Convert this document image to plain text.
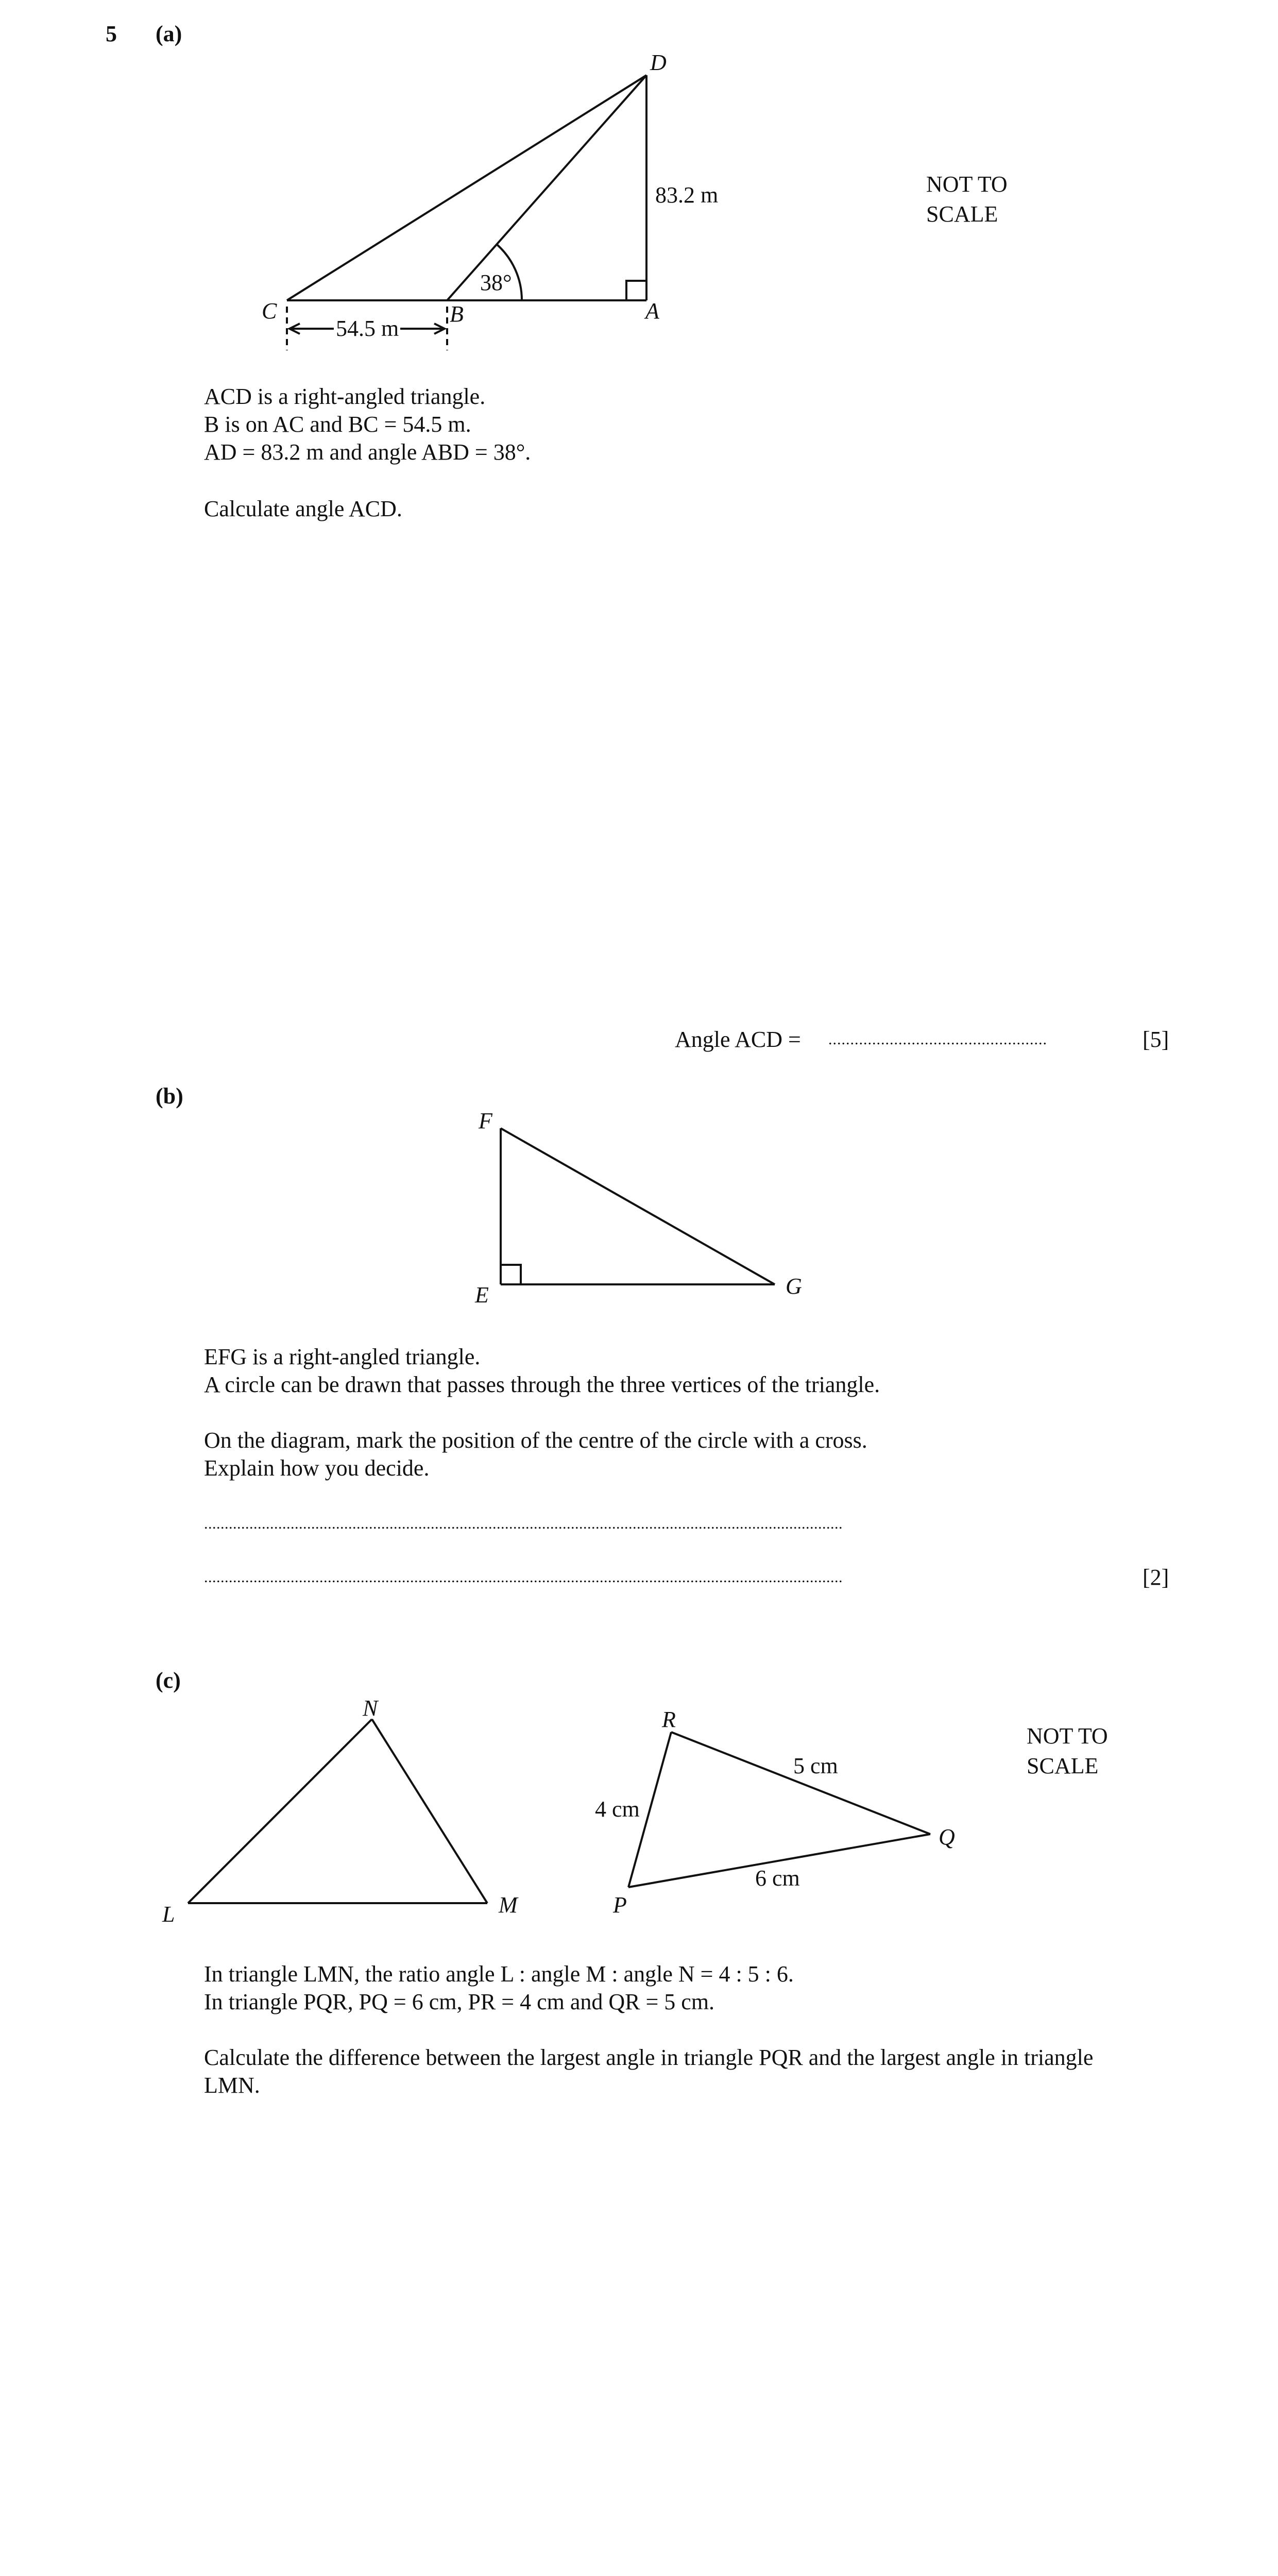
5 (a)
D
C	B	A
83.2 m
38°
54.5 m
NOT TO
SCALE
ACD is a right-angled triangle.
B is on AC and BC = 54.5 m.
AD = 83.2 m and angle ABD = 38°.
Calculate angle ACD.
Angle ACD = ..................................................	[5]
(b)
F
E	G
EFG is a right-angled triangle.
A circle can be drawn that passes through the three vertices of the triangle.
On the diagram, mark the position of the centre of the circle with a cross.
Explain how you decide.
...........................................................................................................................................................
...........................................................................................................................................................	[2]
(c)
N
L	M
R
Q
P
4 cm
5 cm
6 cm
NOT TO
SCALE
In triangle LMN, the ratio angle L : angle M : angle N = 4 : 5 : 6.
In triangle PQR, PQ = 6 cm, PR = 4 cm and QR = 5 cm.
Calculate the difference between the largest angle in triangle PQR and the largest angle in triangle
LMN.
